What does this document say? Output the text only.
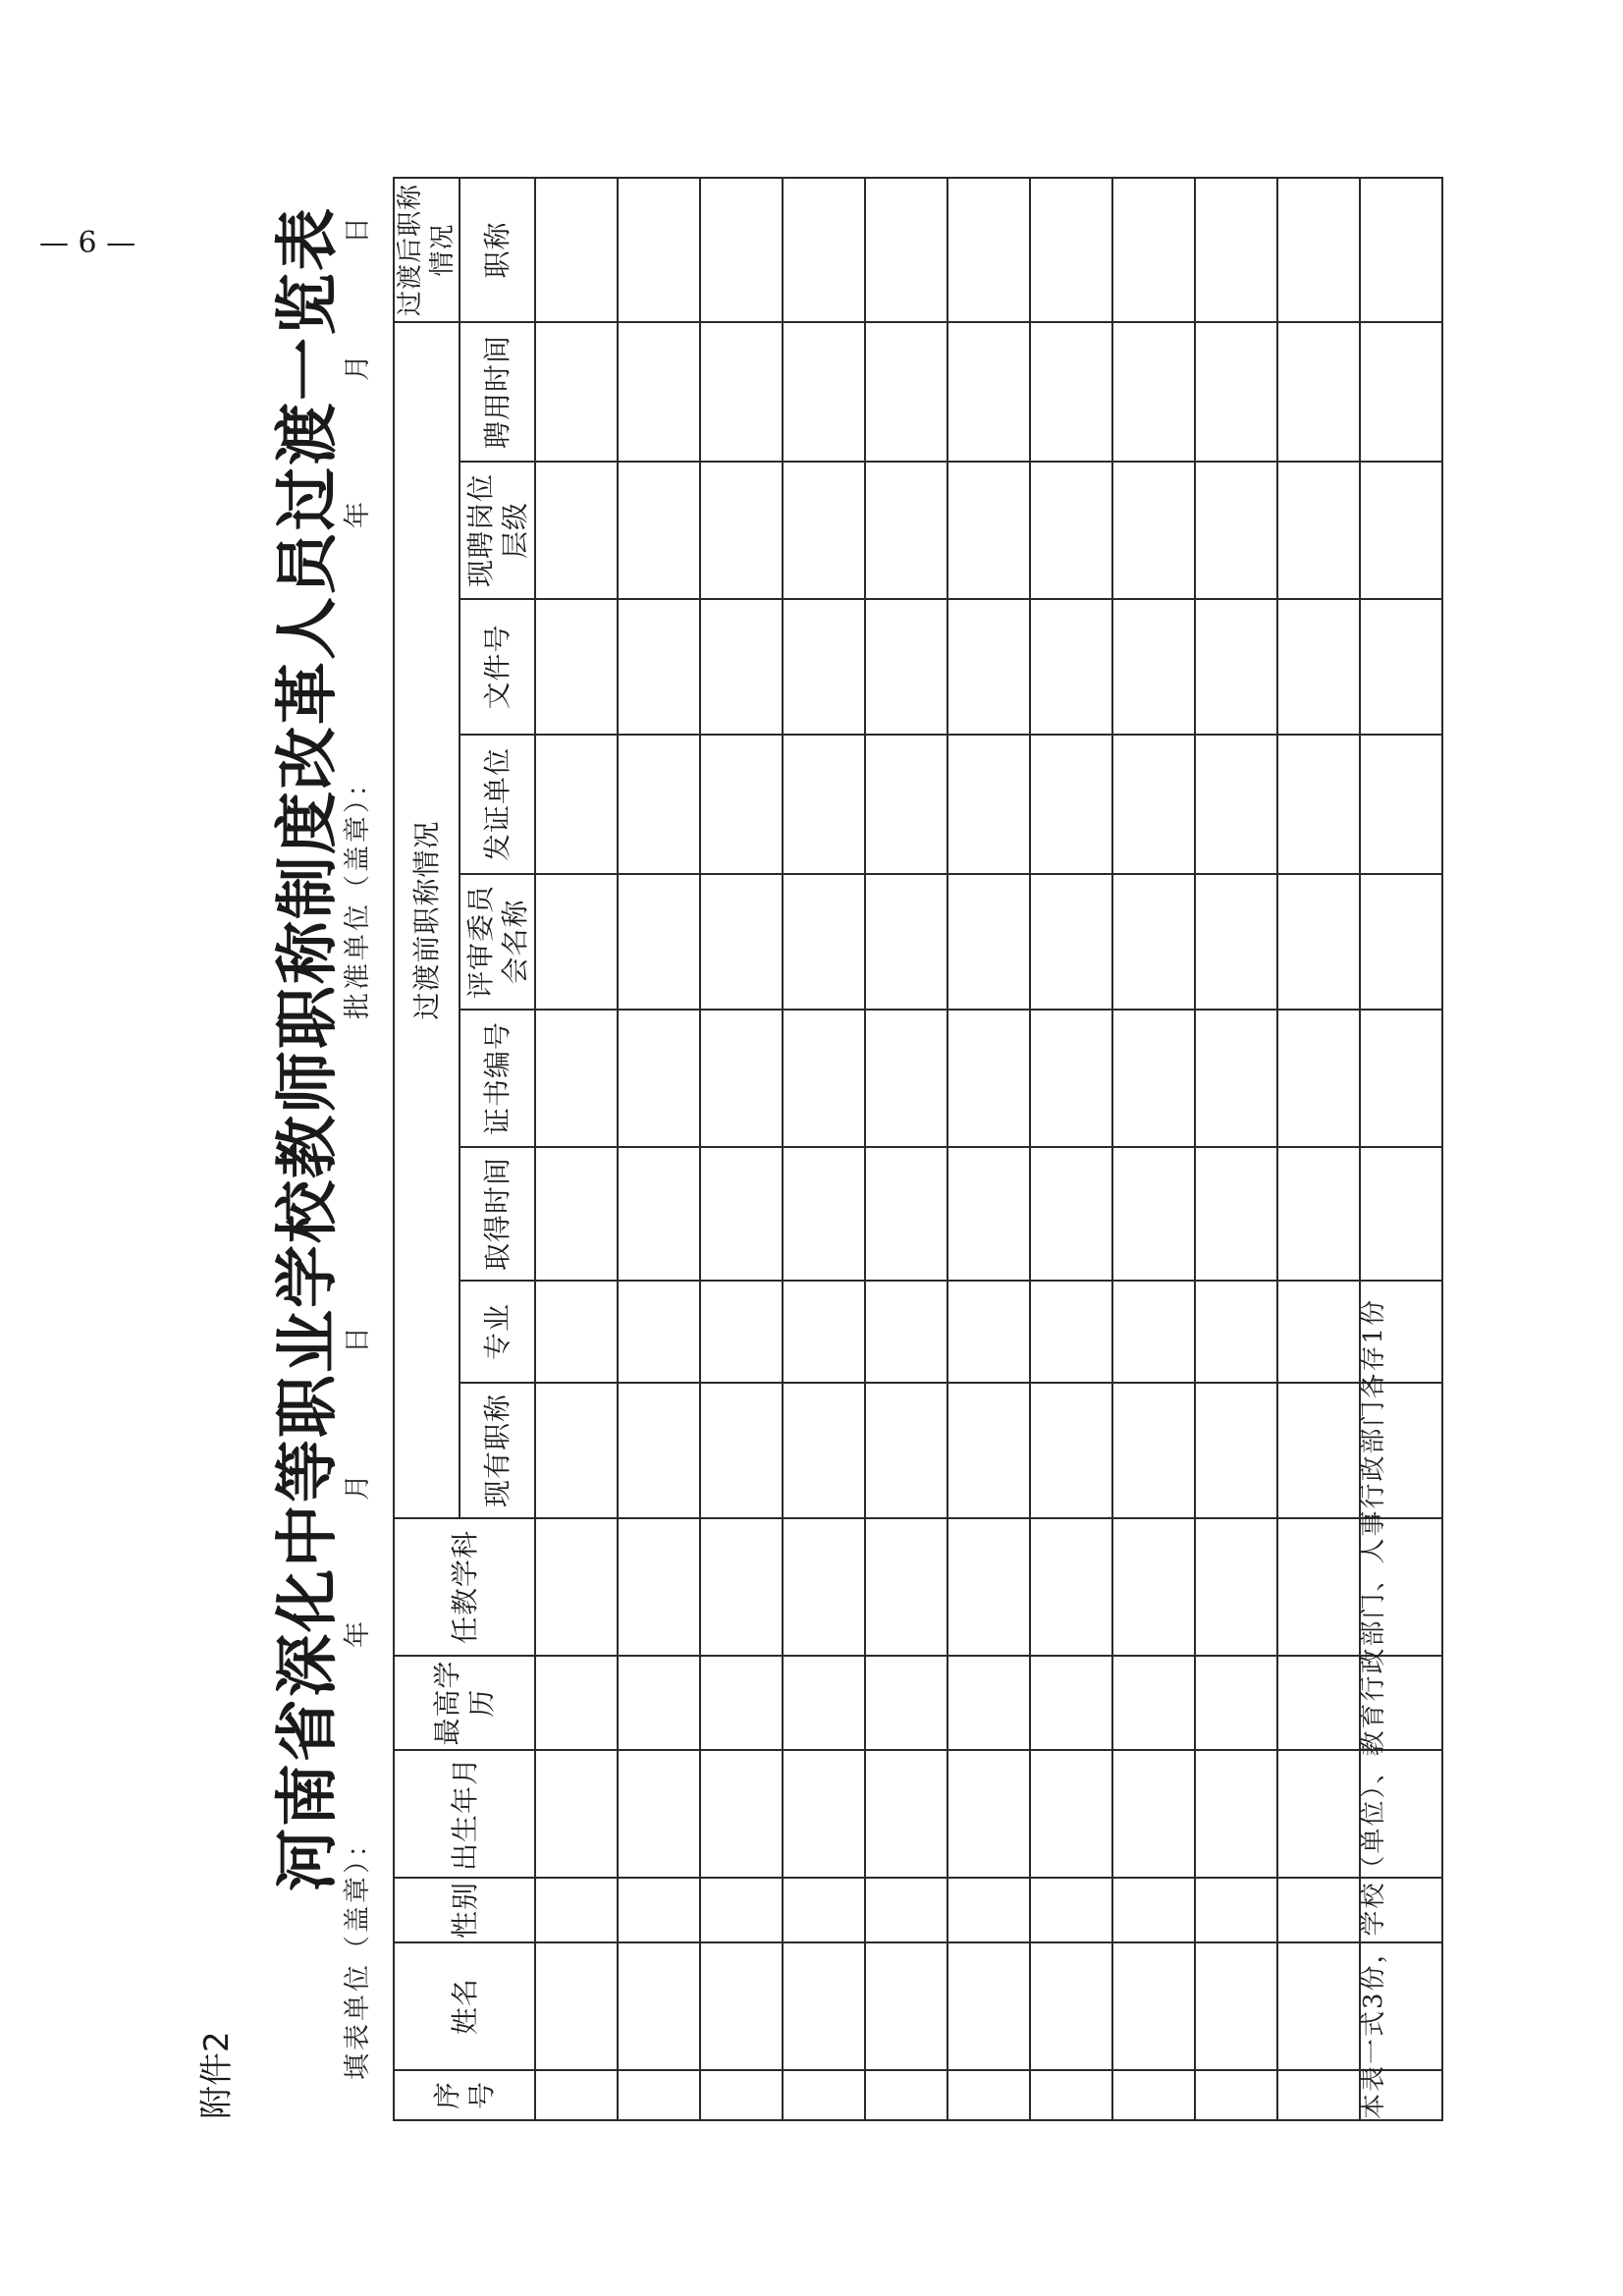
— 6 —
附件2
河南省深化中等职业学校教师职称制度改革人员过渡一览表
填表单位（盖章）：
年
月
日
批准单位（盖章）：
年
月
日
序号	姓名	性别	出生年月	最高学历	任教学科	过渡前职称情况									过渡后职称情况
						现有职称	专业	取得时间	证书编号	评审委员会名称	发证单位	文件号	现聘岗位层级	聘用时间	职称

本表一式3份，学校（单位）、教育行政部门、人事行政部门各存1份
